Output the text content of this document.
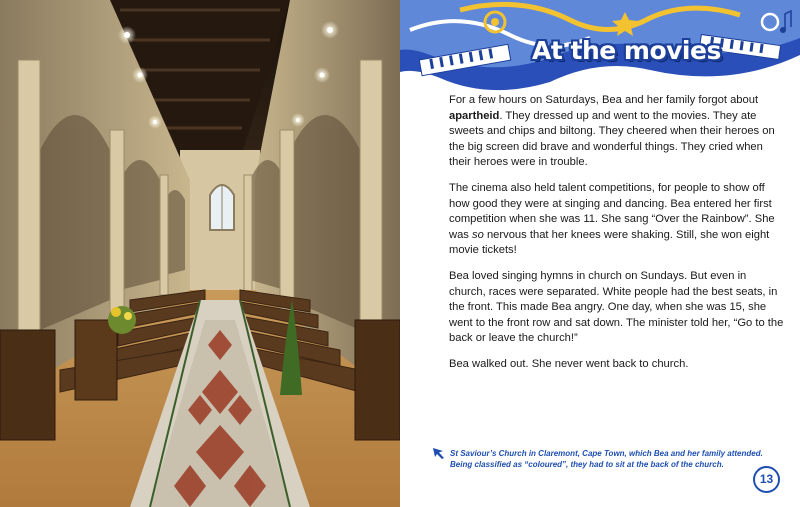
At the movies

For a few hours on Saturdays, Bea and her family forgot about apartheid. They dressed up and went to the movies. They ate sweets and chips and biltong. They cheered when their heroes on the big screen did brave and wonderful things. They cried when their heroes were in trouble.

The cinema also held talent competitions, for people to show off how good they were at singing and dancing. Bea entered her first competition when she was 11. She sang “Over the Rainbow”. She was so nervous that her knees were shaking. Still, she won eight movie tickets!

Bea loved singing hymns in church on Sundays. But even in church, races were separated. White people had the best seats, in the front. This made Bea angry. One day, when she was 15, she went to the front row and sat down. The minister told her, “Go to the back or leave the church!”

Bea walked out. She never went back to church.

St Saviour’s Church in Claremont, Cape Town, which Bea and her family attended. Being classified as “coloured”, they had to sit at the back of the church.
13
